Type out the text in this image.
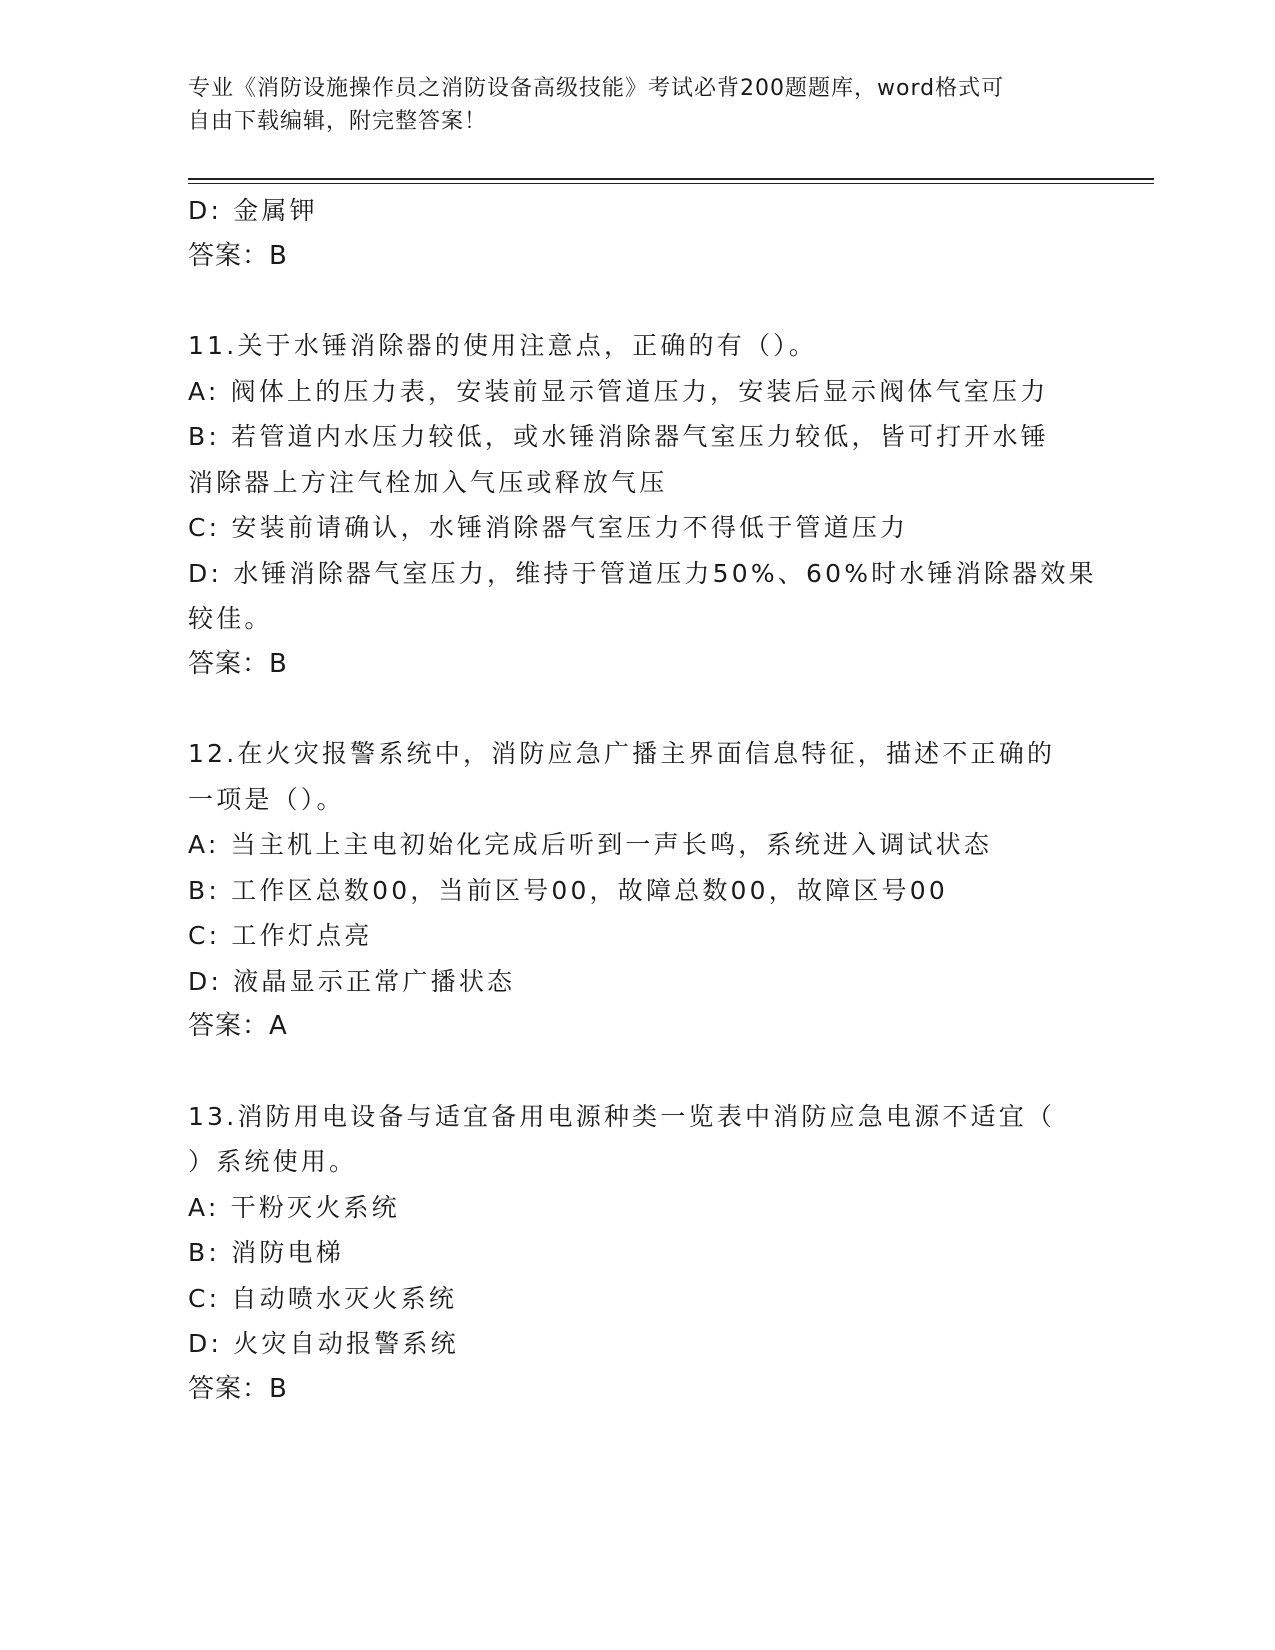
专业《消防设施操作员之消防设备高级技能》考试必背200题题库，word格式可
自由下载编辑，附完整答案！
D: 金属钾
答案：B
11.关于水锤消除器的使用注意点，正确的有（）。
A: 阀体上的压力表，安装前显示管道压力，安装后显示阀体气室压力
B: 若管道内水压力较低，或水锤消除器气室压力较低，皆可打开水锤
消除器上方注气栓加入气压或释放气压
C: 安装前请确认，水锤消除器气室压力不得低于管道压力
D: 水锤消除器气室压力，维持于管道压力50%、60%时水锤消除器效果
较佳。
答案：B
12.在火灾报警系统中，消防应急广播主界面信息特征，描述不正确的
一项是（）。
A: 当主机上主电初始化完成后听到一声长鸣，系统进入调试状态
B: 工作区总数00，当前区号00，故障总数00，故障区号00
C: 工作灯点亮
D: 液晶显示正常广播状态
答案：A
13.消防用电设备与适宜备用电源种类一览表中消防应急电源不适宜（
）系统使用。
A: 干粉灭火系统
B: 消防电梯
C: 自动喷水灭火系统
D: 火灾自动报警系统
答案：B
